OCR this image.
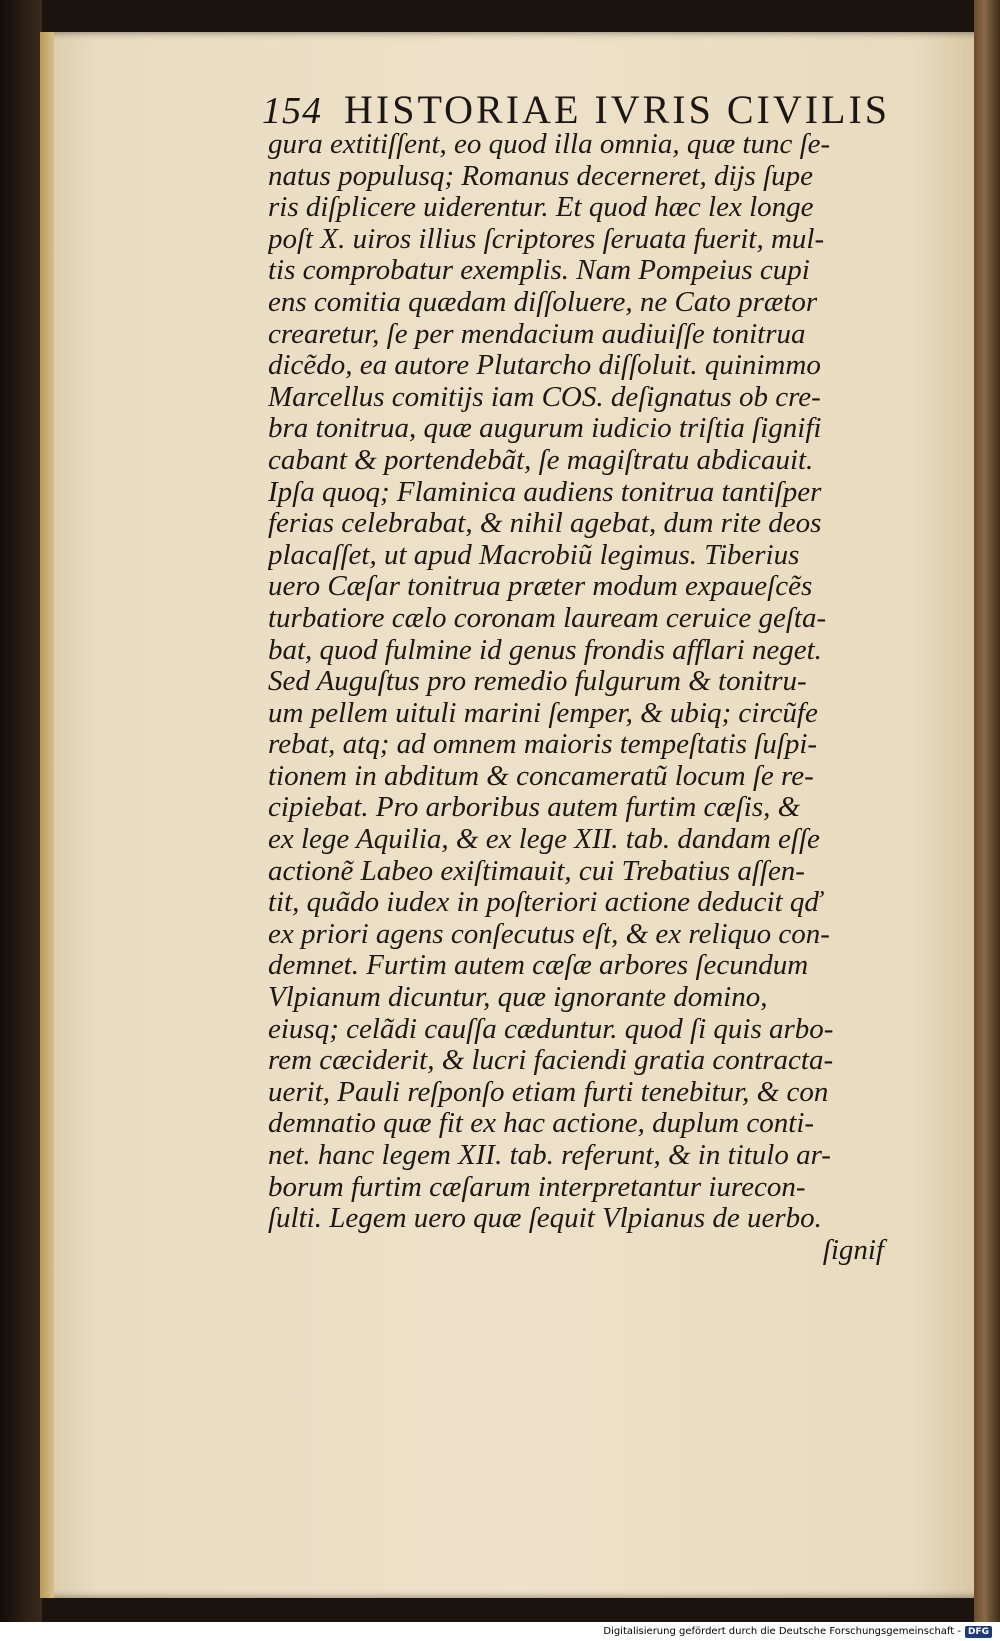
154 HISTORIAE IVRIS CIVILIS
gura extitiſſent, eo quod illa omnia, quæ tunc ſe-
natus populusq; Romanus decerneret, dijs ſupe
ris diſplicere uiderentur. Et quod hæc lex longe
poſt X. uiros illius ſcriptores ſeruata fuerit, mul-
tis comprobatur exemplis. Nam Pompeius cupi
ens comitia quædam diſſoluere, ne Cato prætor
crearetur, ſe per mendacium audiuiſſe tonitrua
dicẽdo, ea autore Plutarcho diſſoluit. quinimmo
Marcellus comitijs iam COS. deſignatus ob cre-
bra tonitrua, quæ augurum iudicio triſtia ſignifi
cabant & portendebãt, ſe magiſtratu abdicauit.
Ipſa quoq; Flaminica audiens tonitrua tantiſper
ferias celebrabat, & nihil agebat, dum rite deos
placaſſet, ut apud Macrobiũ legimus. Tiberius
uero Cæſar tonitrua præter modum expaueſcẽs
turbatiore cælo coronam lauream ceruice geſta-
bat, quod fulmine id genus frondis afflari neget.
Sed Auguſtus pro remedio fulgurum & tonitru-
um pellem uituli marini ſemper, & ubiq; circũfe
rebat, atq; ad omnem maioris tempeſtatis ſuſpi-
tionem in abditum & concameratũ locum ſe re-
cipiebat. Pro arboribus autem furtim cæſis, &
ex lege Aquilia, & ex lege XII. tab. dandam eſſe
actionẽ Labeo exiſtimauit, cui Trebatius aſſen-
tit, quãdo iudex in poſteriori actione deducit qď
ex priori agens conſecutus eſt, & ex reliquo con-
demnet. Furtim autem cæſæ arbores ſecundum
Vlpianum dicuntur, quæ ignorante domino,
eiusq; celãdi cauſſa cæduntur. quod ſi quis arbo-
rem cæciderit, & lucri faciendi gratia contracta-
uerit, Pauli reſponſo etiam furti tenebitur, & con
demnatio quæ fit ex hac actione, duplum conti-
net. hanc legem XII. tab. referunt, & in titulo ar-
borum furtim cæſarum interpretantur iurecon-
ſulti. Legem uero quæ ſequit Vlpianus de uerbo.
ſignif
Digitalisierung gefördert durch die Deutsche Forschungsgemeinschaft - DFG
